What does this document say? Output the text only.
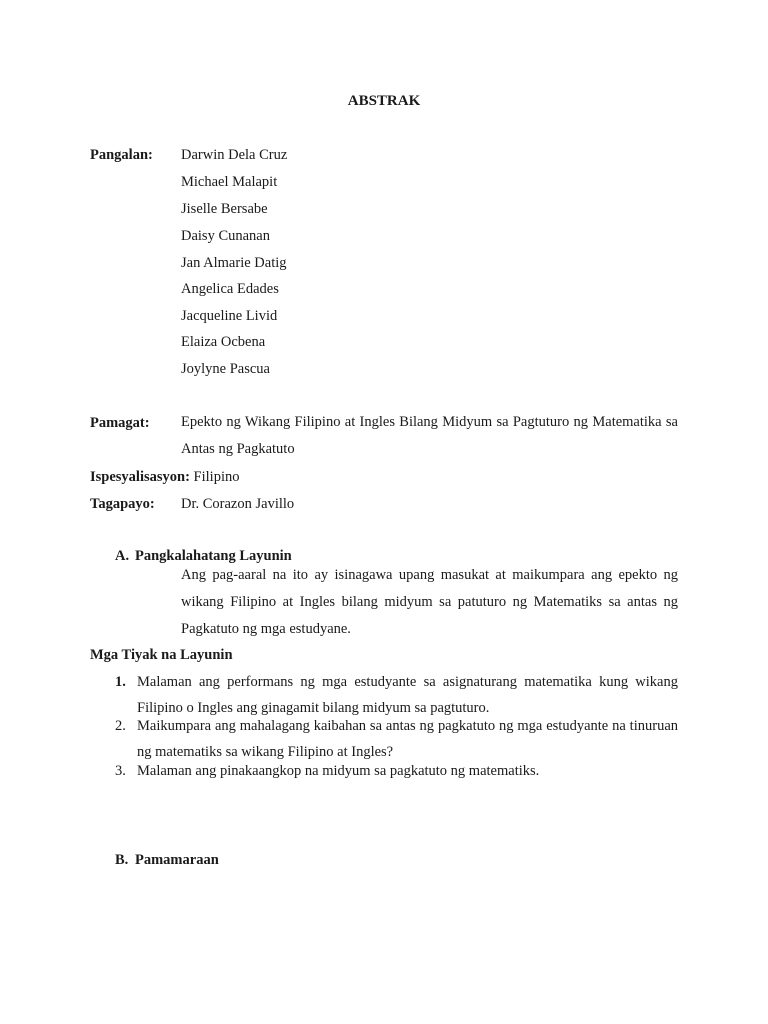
ABSTRAK
Pangalan: Darwin Dela Cruz
Michael Malapit
Jiselle Bersabe
Daisy Cunanan
Jan Almarie Datig
Angelica Edades
Jacqueline Livid
Elaiza Ocbena
Joylyne Pascua
Pamagat: Epekto ng Wikang Filipino at Ingles Bilang Midyum sa Pagtuturo ng Matematika sa Antas ng Pagkatuto
Ispesyalisasyon: Filipino
Tagapayo: Dr. Corazon Javillo
A. Pangkalahatang Layunin
Ang pag-aaral na ito ay isinagawa upang masukat at maikumpara ang epekto ng wikang Filipino at Ingles bilang midyum sa patuturo ng Matematiks sa antas ng Pagkatuto ng mga estudyane.
Mga Tiyak na Layunin
1. Malaman ang performans ng mga estudyante sa asignaturang matematika kung wikang Filipino o Ingles ang ginagamit bilang midyum sa pagtuturo.
2. Maikumpara ang mahalagang kaibahan sa antas ng pagkatuto ng mga estudyante na tinuruan ng matematiks sa wikang Filipino at Ingles?
3. Malaman ang pinakaangkop na midyum sa pagkatuto ng matematiks.
B. Pamamaraan
